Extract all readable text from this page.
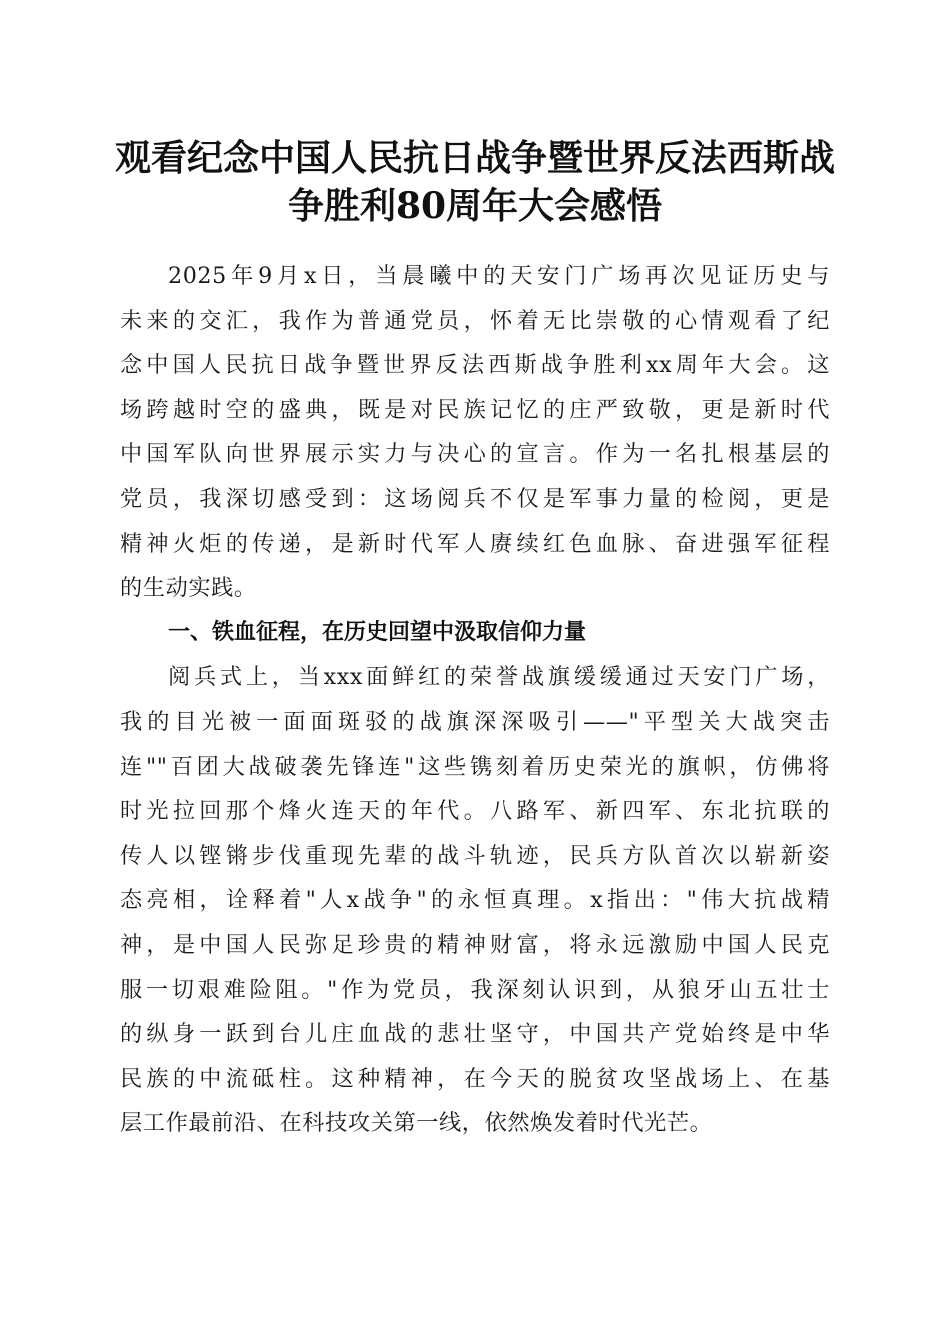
观看纪念中国人民抗日战争暨世界反法西斯战
争胜利80周年大会感悟
2025年9月x日，当晨曦中的天安门广场再次见证历史与
未来的交汇，我作为普通党员，怀着无比崇敬的心情观看了纪
念中国人民抗日战争暨世界反法西斯战争胜利xx周年大会。这
场跨越时空的盛典，既是对民族记忆的庄严致敬，更是新时代
中国军队向世界展示实力与决心的宣言。作为一名扎根基层的
党员，我深切感受到：这场阅兵不仅是军事力量的检阅，更是
精神火炬的传递，是新时代军人赓续红色血脉、奋进强军征程
的生动实践。
一、铁血征程，在历史回望中汲取信仰力量
阅兵式上，当xxx面鲜红的荣誉战旗缓缓通过天安门广场，
我的目光被一面面斑驳的战旗深深吸引——"平型关大战突击
连""百团大战破袭先锋连"这些镌刻着历史荣光的旗帜，仿佛将
时光拉回那个烽火连天的年代。八路军、新四军、东北抗联的
传人以铿锵步伐重现先辈的战斗轨迹，民兵方队首次以崭新姿
态亮相，诠释着"人x战争"的永恒真理。x指出："伟大抗战精
神，是中国人民弥足珍贵的精神财富，将永远激励中国人民克
服一切艰难险阻。"作为党员，我深刻认识到，从狼牙山五壮士
的纵身一跃到台儿庄血战的悲壮坚守，中国共产党始终是中华
民族的中流砥柱。这种精神，在今天的脱贫攻坚战场上、在基
层工作最前沿、在科技攻关第一线，依然焕发着时代光芒。
